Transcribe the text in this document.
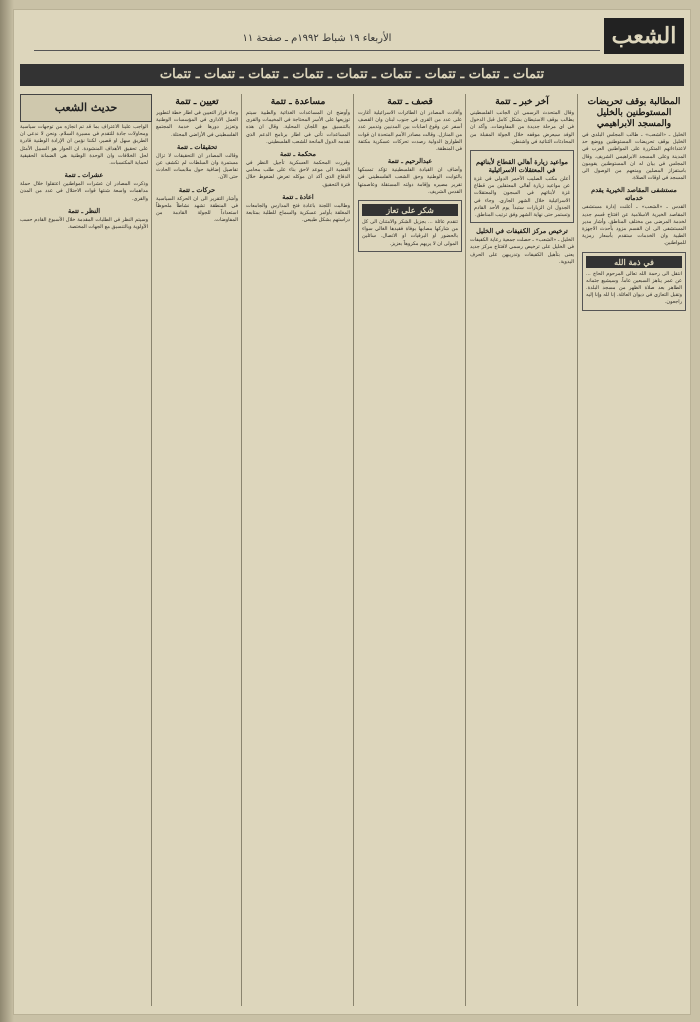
الأربعاء ١٩ شباط ١٩٩٢م ـ صفحة ١١	الشعب
تتمات ـ تتمات ـ تتمات ـ تتمات ـ تتمات ـ تتمات ـ تتمات ـ تتمات ـ تتمات
المطالبة بوقف تحريضات المستوطنين بالخليل والمسجد الابراهيمي
الخليل ـ «الشعب» ـ طالب المجلس البلدي في الخليل بوقف تحريضات المستوطنين ووضع حد لاعتداءاتهم المتكررة على المواطنين العرب في المدينة وعلى المسجد الابراهيمي الشريف. وقال المجلس في بيان له ان المستوطنين يقومون باستفزاز المصلين ومنعهم من الوصول الى المسجد في اوقات الصلاة.
مستشفى المقاصد الخيرية يقدم خدماته
القدس ـ «الشعب» ـ أعلنت إدارة مستشفى المقاصد الخيرية الاسلامية عن افتتاح قسم جديد لخدمة المرضى من مختلف المناطق. وأشار مدير المستشفى الى ان القسم مزود بأحدث الاجهزة الطبية وان الخدمات ستقدم بأسعار رمزية للمواطنين.
في ذمة الله
انتقل الى رحمة الله تعالى المرحوم الحاج ... عن عمر يناهز السبعين عاماً. وسيشيع جثمانه الطاهر بعد صلاة الظهر من مسجد البلدة. وتقبل التعازي في ديوان العائلة. إنا لله وإنا إليه راجعون.
آخر خبر ـ تتمة
وقال المتحدث الرسمي ان الجانب الفلسطيني يطالب بوقف الاستيطان بشكل كامل قبل الدخول في اي مرحلة جديدة من المفاوضات. وأكد ان الوفد سيعرض موقفه خلال الجولة المقبلة من المحادثات الثنائية في واشنطن.
مواعيد زيارة أهالي القطاع لأبنائهم في المعتقلات الاسرائيلية
أعلن مكتب الصليب الأحمر الدولي في غزة عن مواعيد زيارة أهالي المعتقلين من قطاع غزة لأبنائهم في السجون والمعتقلات الاسرائيلية خلال الشهر الجاري. وجاء في الجدول ان الزيارات ستبدأ يوم الأحد القادم وتستمر حتى نهاية الشهر وفق ترتيب المناطق.
ترخيص مركز الكفيفات في الخليل
الخليل ـ «الشعب» ـ حصلت جمعية رعاية الكفيفات في الخليل على ترخيص رسمي لافتتاح مركز جديد يعنى بتأهيل الكفيفات وتدريبهن على الحرف اليدوية.
قصف ـ تتمة
وأفادت المصادر ان الطائرات الاسرائيلية أغارت على عدد من القرى في جنوب لبنان وان القصف أسفر عن وقوع اصابات بين المدنيين وتدمير عدد من المنازل. وقالت مصادر الأمم المتحدة ان قوات الطوارئ الدولية رصدت تحركات عسكرية مكثفة في المنطقة.
عبدالرحيم ـ تتمة
وأضاف ان القيادة الفلسطينية تؤكد تمسكها بالثوابت الوطنية وحق الشعب الفلسطيني في تقرير مصيره وإقامة دولته المستقلة وعاصمتها القدس الشريف.
شكر على تعاز
تتقدم عائلة ... بجزيل الشكر والامتنان الى كل من شاركها مصابها بوفاة فقيدها الغالي سواء بالحضور او البرقيات او الاتصال. سائلين المولى ان لا يريهم مكروهاً بعزيز.
مساعدة ـ تتمة
وأوضح ان المساعدات الغذائية والطبية سيتم توزيعها على الأسر المحتاجة في المخيمات والقرى بالتنسيق مع اللجان المحلية. وقال ان هذه المساعدات تأتي في اطار برنامج الدعم الذي تقدمه الدول المانحة للشعب الفلسطيني.
محكمة ـ تتمة
وقررت المحكمة العسكرية تأجيل النظر في القضية الى موعد لاحق بناء على طلب محامي الدفاع الذي أكد ان موكله تعرض لضغوط خلال فترة التحقيق.
اعادة ـ تتمة
وطالبت اللجنة باعادة فتح المدارس والجامعات المغلقة بأوامر عسكرية والسماح للطلبة بمتابعة دراستهم بشكل طبيعي.
تعيين ـ تتمة
وجاء قرار التعيين في اطار خطة لتطوير العمل الاداري في المؤسسات الوطنية وتعزيز دورها في خدمة المجتمع الفلسطيني في الأراضي المحتلة.
تحقيقات ـ تتمة
وقالت المصادر ان التحقيقات لا تزال مستمرة وان السلطات لم تكشف عن تفاصيل إضافية حول ملابسات الحادث حتى الآن.
حركات ـ تتمة
وأشار التقرير الى ان الحركة السياسية في المنطقة تشهد نشاطاً ملحوظاً استعداداً للجولة القادمة من المفاوضات.
الواجب علينا الاعتراف بما قد تم انجازه من توجهات سياسية ومحاولات جادة للتقدم في مسيرة السلام. ونحن لا ندعي ان الطريق سهل او قصير، لكننا نؤمن ان الإرادة الوطنية قادرة على تحقيق الأهداف المنشودة. ان الحوار هو السبيل الأمثل لحل الخلافات وان الوحدة الوطنية هي الضمانة الحقيقية لحماية المكتسبات.
عشرات ـ تتمة
وذكرت المصادر ان عشرات المواطنين اعتقلوا خلال حملة مداهمات واسعة شنتها قوات الاحتلال في عدد من المدن والقرى.
النظر ـ تتمة
وسيتم النظر في الطلبات المقدمة خلال الأسبوع القادم حسب الأولوية وبالتنسيق مع الجهات المختصة.
حديث الشعب
